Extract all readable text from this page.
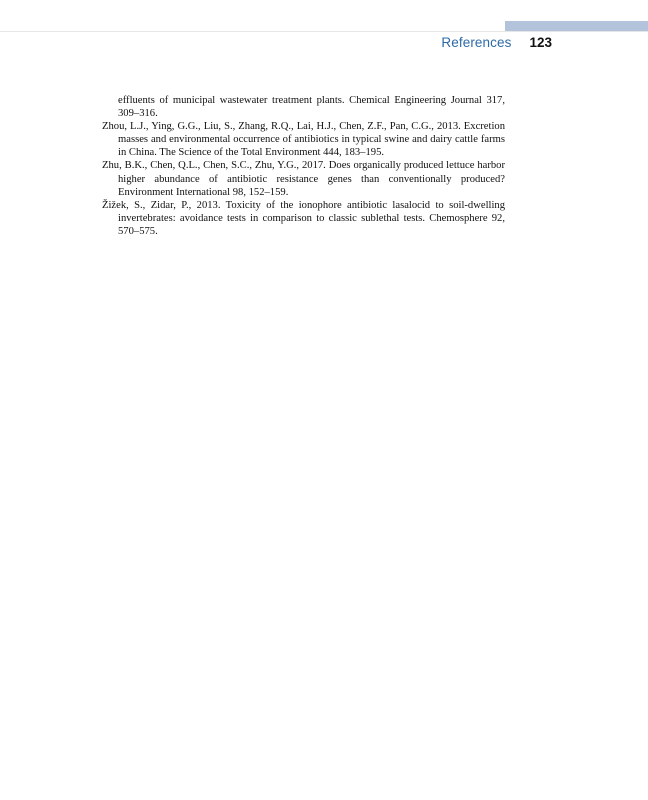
References 123

effluents of municipal wastewater treatment plants. Chemical Engineering Journal 317, 309–316.

Zhou, L.J., Ying, G.G., Liu, S., Zhang, R.Q., Lai, H.J., Chen, Z.F., Pan, C.G., 2013. Excretion masses and environmental occurrence of antibiotics in typical swine and dairy cattle farms in China. The Science of the Total Environment 444, 183–195.

Zhu, B.K., Chen, Q.L., Chen, S.C., Zhu, Y.G., 2017. Does organically produced lettuce harbor higher abundance of antibiotic resistance genes than conventionally produced? Environment International 98, 152–159.

Žižek, S., Zidar, P., 2013. Toxicity of the ionophore antibiotic lasalocid to soil-dwelling invertebrates: avoidance tests in comparison to classic sublethal tests. Chemosphere 92, 570–575.
